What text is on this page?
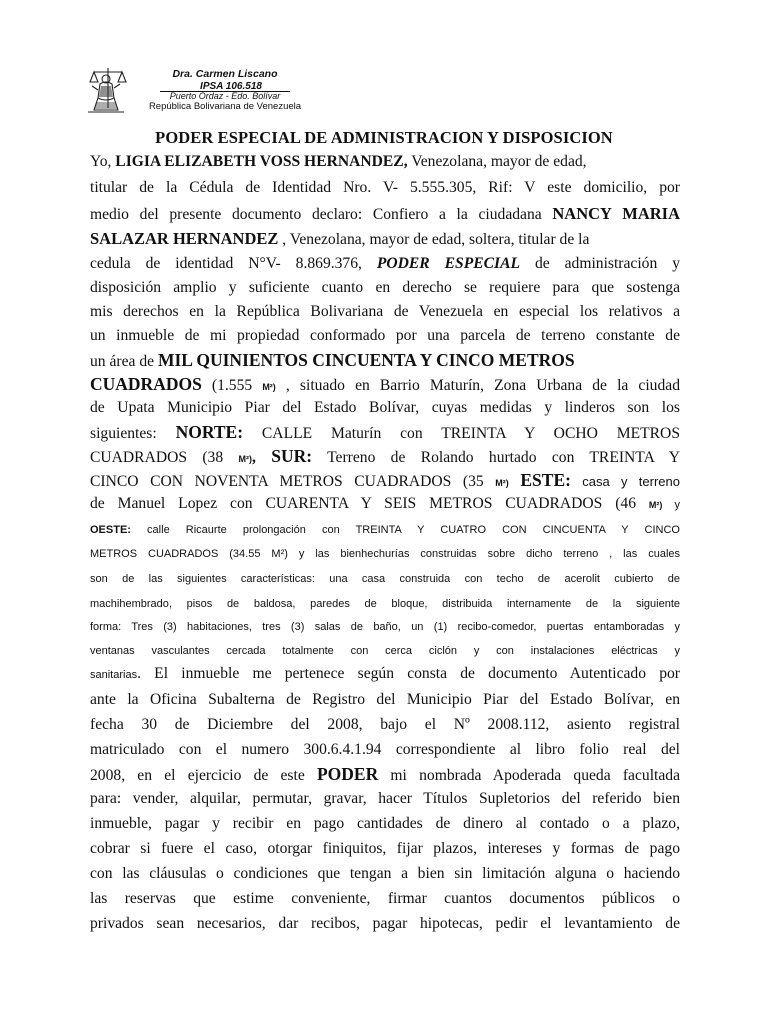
Dra. Carmen Liscano
IPSA 106.518
Puerto Ordaz - Edo. Bolívar
República Bolivariana de Venezuela
PODER ESPECIAL DE ADMINISTRACION Y DISPOSICION
Yo, LIGIA ELIZABETH VOSS HERNANDEZ, Venezolana, mayor de edad,
titular de la Cédula de Identidad Nro. V- 5.555.305, Rif: V este domicilio, por
medio del presente documento declaro: Confiero a la ciudadana NANCY MARIA
SALAZAR HERNANDEZ , Venezolana, mayor de edad, soltera, titular de la
cedula de identidad N°V- 8.869.376, PODER ESPECIAL de administración y
disposición amplio y suficiente cuanto en derecho se requiere para que sostenga
mis derechos en la República Bolivariana de Venezuela en especial los relativos a
un inmueble de mi propiedad conformado por una parcela de terreno constante de
un área de MIL QUINIENTOS CINCUENTA Y CINCO METROS
CUADRADOS (1.555 M²) , situado en Barrio Maturín, Zona Urbana de la ciudad
de Upata Municipio Piar del Estado Bolívar, cuyas medidas y linderos son los
siguientes: NORTE: CALLE Maturín con TREINTA Y OCHO METROS
CUADRADOS (38 M²), SUR: Terreno de Rolando hurtado con TREINTA Y
CINCO CON NOVENTA METROS CUADRADOS (35 M²) ESTE: casa y terreno
de Manuel Lopez con CUARENTA Y SEIS METROS CUADRADOS (46 M²) y
OESTE: calle Ricaurte prolongación con TREINTA Y CUATRO CON CINCUENTA Y CINCO
METROS CUADRADOS (34.55 M²) y las bienhechurías construidas sobre dicho terreno , las cuales
son de las siguientes características: una casa construida con techo de acerolit cubierto de
machihembrado, pisos de baldosa, paredes de bloque, distribuida internamente de la siguiente
forma: Tres (3) habitaciones, tres (3) salas de baño, un (1) recibo-comedor, puertas entamboradas y
ventanas vasculantes cercada totalmente con cerca ciclón y con instalaciones eléctricas y
sanitarias. El inmueble me pertenece según consta de documento Autenticado por
ante la Oficina Subalterna de Registro del Municipio Piar del Estado Bolívar, en
fecha 30 de Diciembre del 2008, bajo el Nº 2008.112, asiento registral
matriculado con el numero 300.6.4.1.94 correspondiente al libro folio real del
2008, en el ejercicio de este PODER mi nombrada Apoderada queda facultada
para: vender, alquilar, permutar, gravar, hacer Títulos Supletorios del referido bien
inmueble, pagar y recibir en pago cantidades de dinero al contado o a plazo,
cobrar si fuere el caso, otorgar finiquitos, fijar plazos, intereses y formas de pago
con las cláusulas o condiciones que tengan a bien sin limitación alguna o haciendo
las reservas que estime conveniente, firmar cuantos documentos públicos o
privados sean necesarios, dar recibos, pagar hipotecas, pedir el levantamiento de
